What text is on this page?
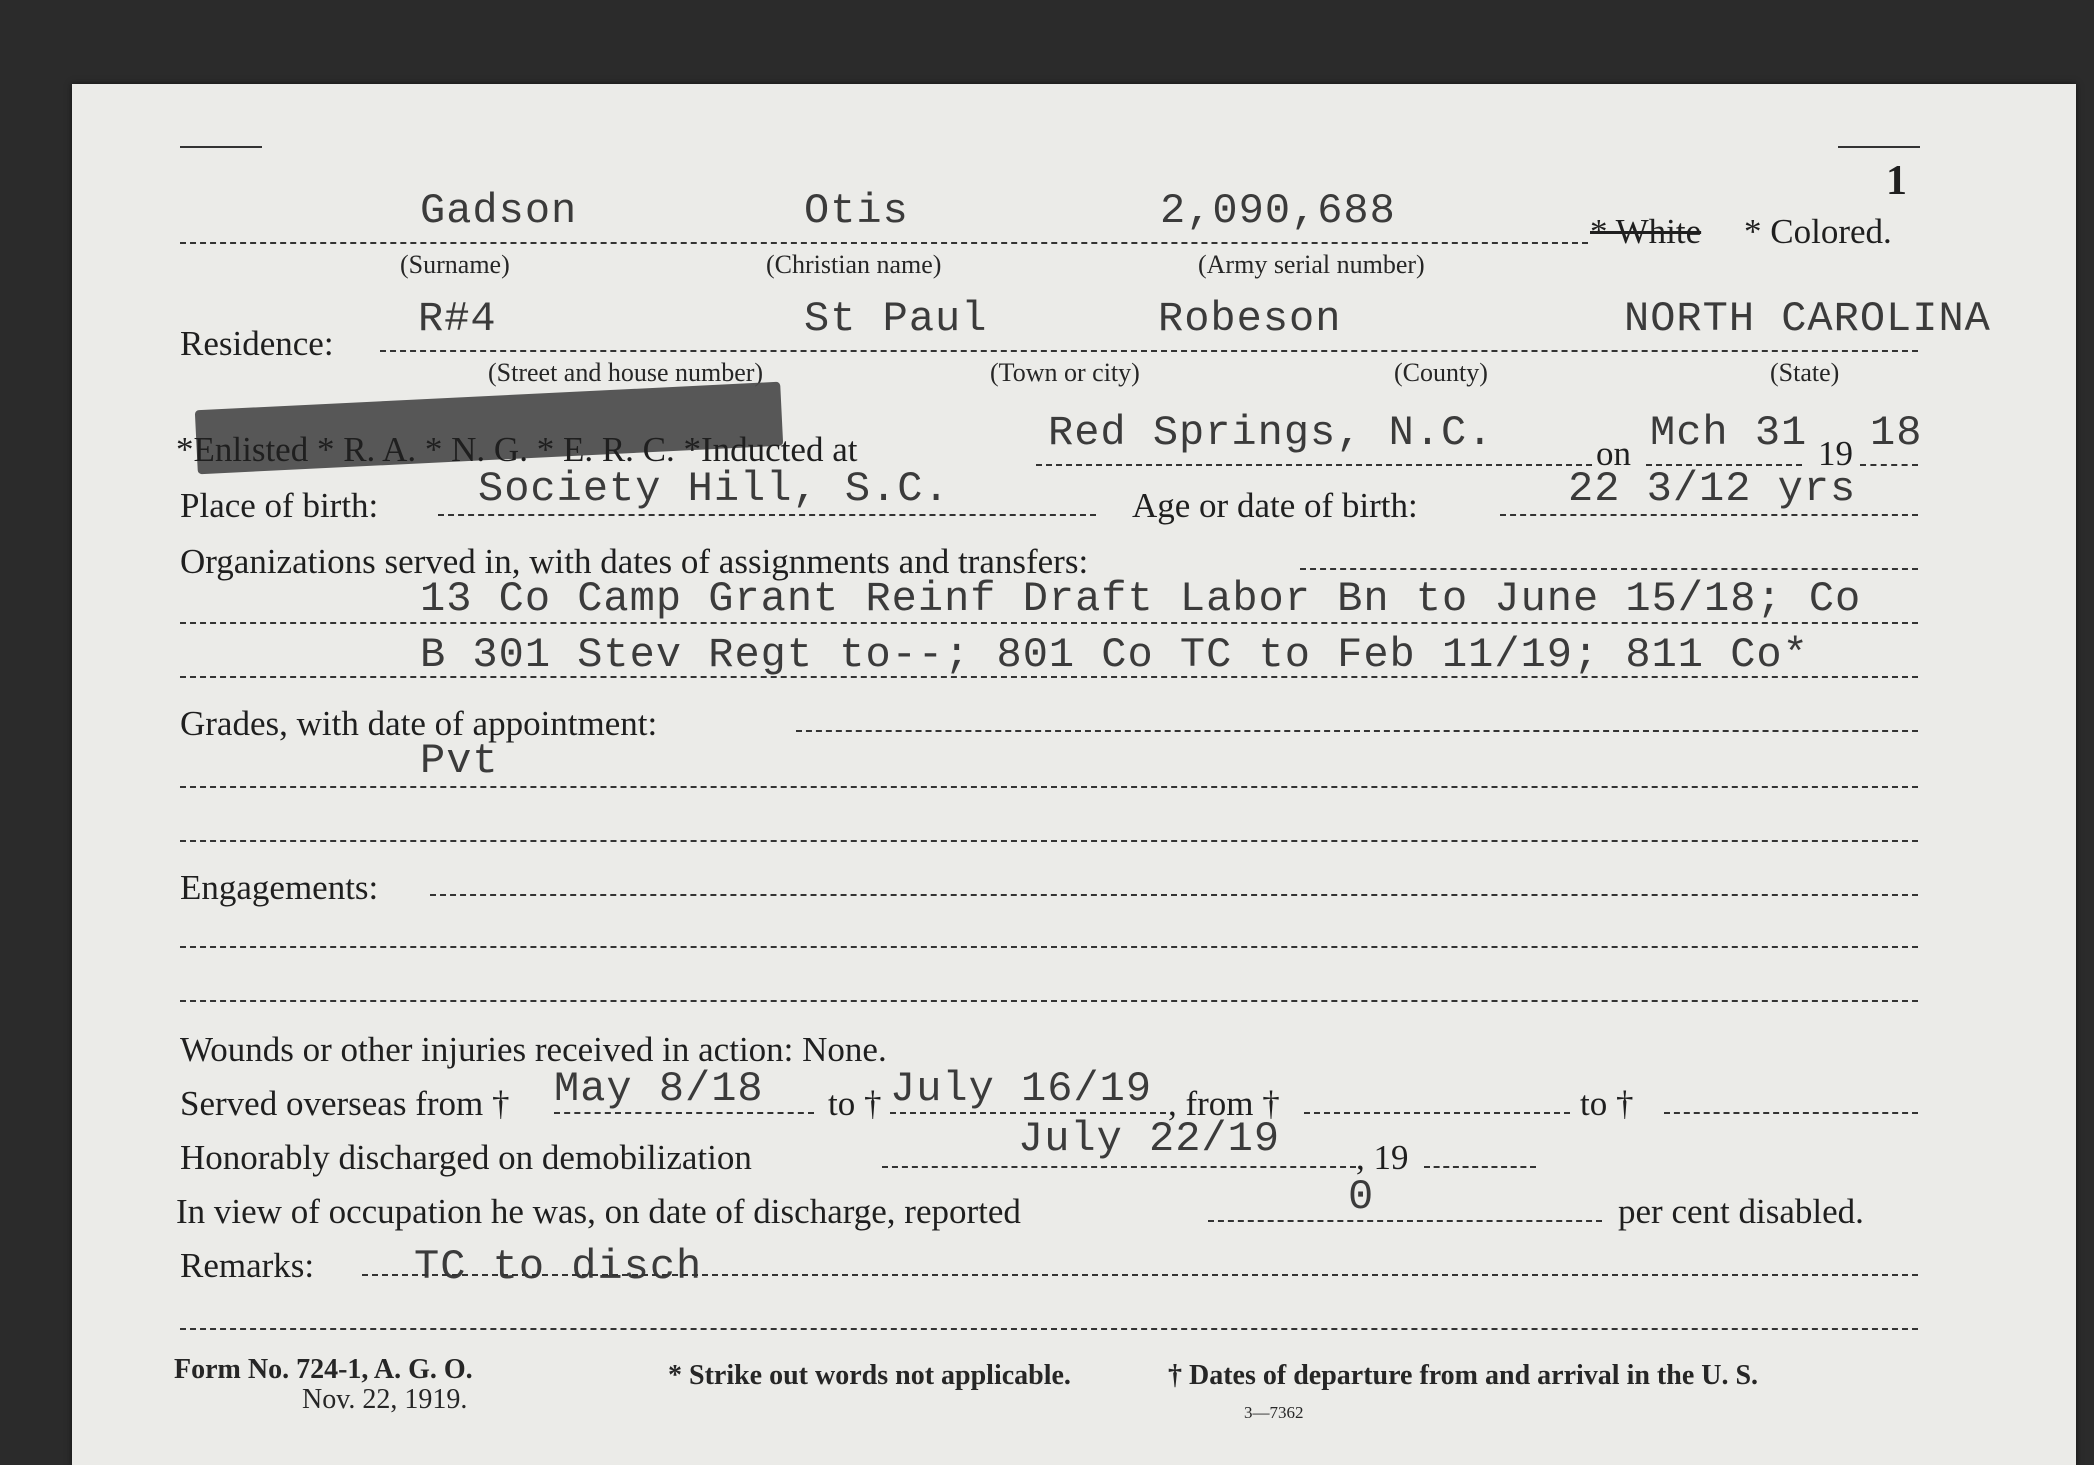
1
Gadson	Otis	2,090,688	* White * Colored.
(Surname)	(Christian name)	(Army serial number)
Residence:
R#4	St Paul	Robeson	NORTH CAROLINA
(Street and house number)	(Town or city)	(County)	(State)
*Enlisted * R. A. * N. G. * E. R. C. *Inducted at	Red Springs, N.C.	on Mch 31 19 18
Place of birth: Society Hill, S.C.	Age or date of birth:	22 3/12 yrs
Organizations served in, with dates of assignments and transfers:
13 Co Camp Grant Reinf Draft Labor Bn to June 15/18; Co
B 301 Stev Regt to--; 801 Co TC to Feb 11/19; 811 Co*
Grades, with date of appointment:
Pvt
Engagements:
Wounds or other injuries received in action: None.
Served overseas from † May 8/18 to † July 16/19 , from †	to †
Honorably discharged on demobilization	July 22/19 , 19
In view of occupation he was, on date of discharge, reported	0	per cent disabled.
Remarks: TC to disch
Form No. 724-1, A. G. O.
Nov. 22, 1919.
* Strike out words not applicable.	† Dates of departure from and arrival in the U. S.
3—7362
